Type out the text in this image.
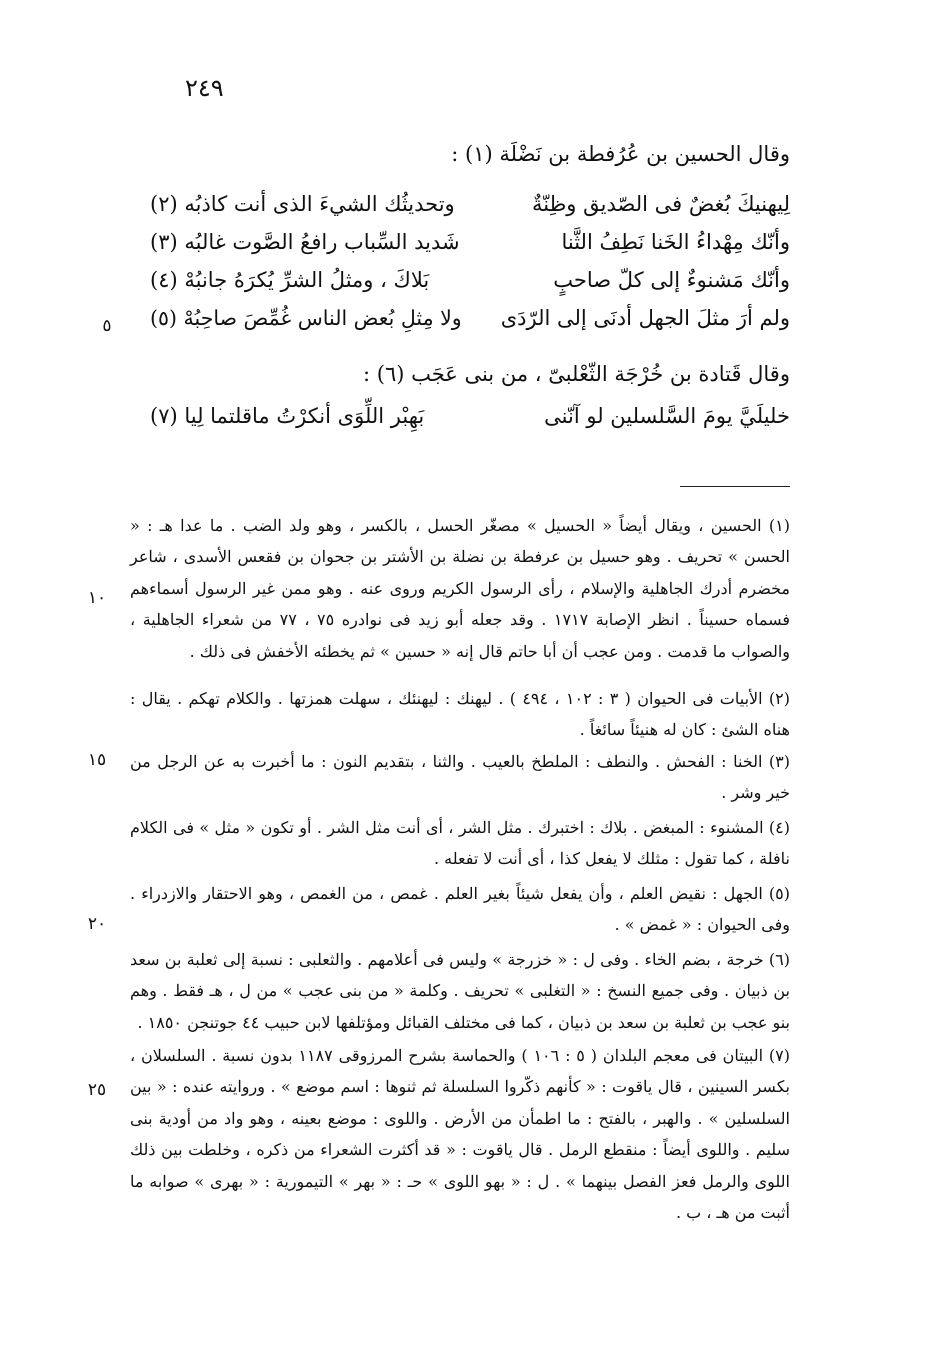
٢٤٩
وقال الحسين بن عُرُفطة بن نَضْلَة (١) :
لِيهنيكَ بُغضٌ فى الصّديق وظِنّةٌ
وتحديثُك الشيءَ الذى أنت كاذبُه (٢)
وأنّك مِهْداءُ الخَنا نَطِفُ الثَّنا
شَديد السِّباب رافعُ الصَّوت غالبُه (٣)
وأنّك مَشنوءٌ إلى كلّ صاحبٍ
بَلاكَ ، ومثلُ الشرِّ يُكرَهُ جانبُهْ (٤)
ولم أرَ مثلَ الجهل أدنَى إلى الرّدَى
ولا مِثلِ بُعض الناس غُمِّصَ صاحِبُهْ (٥)
وقال قَتادة بن خُرْجَة الثّعْلبىّ ، من بنى عَجَب (٦) :
خليلَيَّ يومَ السَّلسلين لو آنّنى
بَهِبْر اللِّوَى أنكرْتُ ماقلتما لِيا (٧)

(١) الحسين ، ويقال أيضاً « الحسيل » مصغّر الحسل ، بالكسر ، وهو ولد الضب . ما عدا هـ : « الحسن » تحريف . وهو حسيل بن عرفطة بن نضلة بن الأشتر بن جحوان بن فقعس الأسدى ، شاعر مخضرم أدرك الجاهلية والإسلام ، رأى الرسول الكريم وروى عنه . وهو ممن غير الرسول أسماءهم فسماه حسيناً . انظر الإصابة ١٧١٧ . وقد جعله أبو زيد فى نوادره ٧٥ ، ٧٧ من شعراء الجاهلية ، والصواب ما قدمت . ومن عجب أن أبا حاتم قال إنه « حسين » ثم يخطئه الأخفش فى ذلك .

(٢) الأبيات فى الحيوان ( ٣ : ١٠٢ ، ٤٩٤ ) . ليهنك : ليهنئك ، سهلت همزتها . والكلام تهكم . يقال : هناه الشئ : كان له هنيئاً سائغاً .

(٣) الخنا : الفحش . والنطف : الملطخ بالعيب . والثنا ، بتقديم النون : ما أخبرت به عن الرجل من خير وشر .

(٤) المشنوء : المبغض . بلاك : اختبرك . مثل الشر ، أى أنت مثل الشر . أو تكون « مثل » فى الكلام نافلة ، كما تقول : مثلك لا يفعل كذا ، أى أنت لا تفعله .

(٥) الجهل : نقيض العلم ، وأن يفعل شيئاً بغير العلم . غمص ، من الغمص ، وهو الاحتقار والازدراء . وفى الحيوان : « غمض » .

(٦) خرجة ، بضم الخاء . وفى ل : « خزرجة » وليس فى أعلامهم . والثعلبى : نسبة إلى ثعلبة بن سعد بن ذبيان . وفى جميع النسخ : « التغلبى » تحريف . وكلمة « من بنى عجب » من ل ، هـ فقط . وهم بنو عجب بن ثعلبة بن سعد بن ذبيان ، كما فى مختلف القبائل ومؤتلفها لابن حبيب ٤٤ جوتنجن ١٨٥٠ .

(٧) البيتان فى معجم البلدان ( ٥ : ١٠٦ ) والحماسة بشرح المرزوقى ١١٨٧ بدون نسبة . السلسلان ، بكسر السينين ، قال ياقوت : « كأنهم ذكّروا السلسلة ثم ثنوها : اسم موضع » . وروايته عنده : « بين السلسلين » . والهبر ، بالفتح : ما اطمأن من الأرض . واللوى : موضع بعينه ، وهو واد من أودية بنى سليم . واللوى أيضاً : منقطع الرمل . قال ياقوت : « قد أكثرت الشعراء من ذكره ، وخلطت بين ذلك اللوى والرمل فعز الفصل بينهما » . ل : « بهو اللوى » حـ : « بهر » التيمورية : « بهرى » صوابه ما أثبت من هـ ، ب .

٥
١٠
١٥
٢٠
٢٥
